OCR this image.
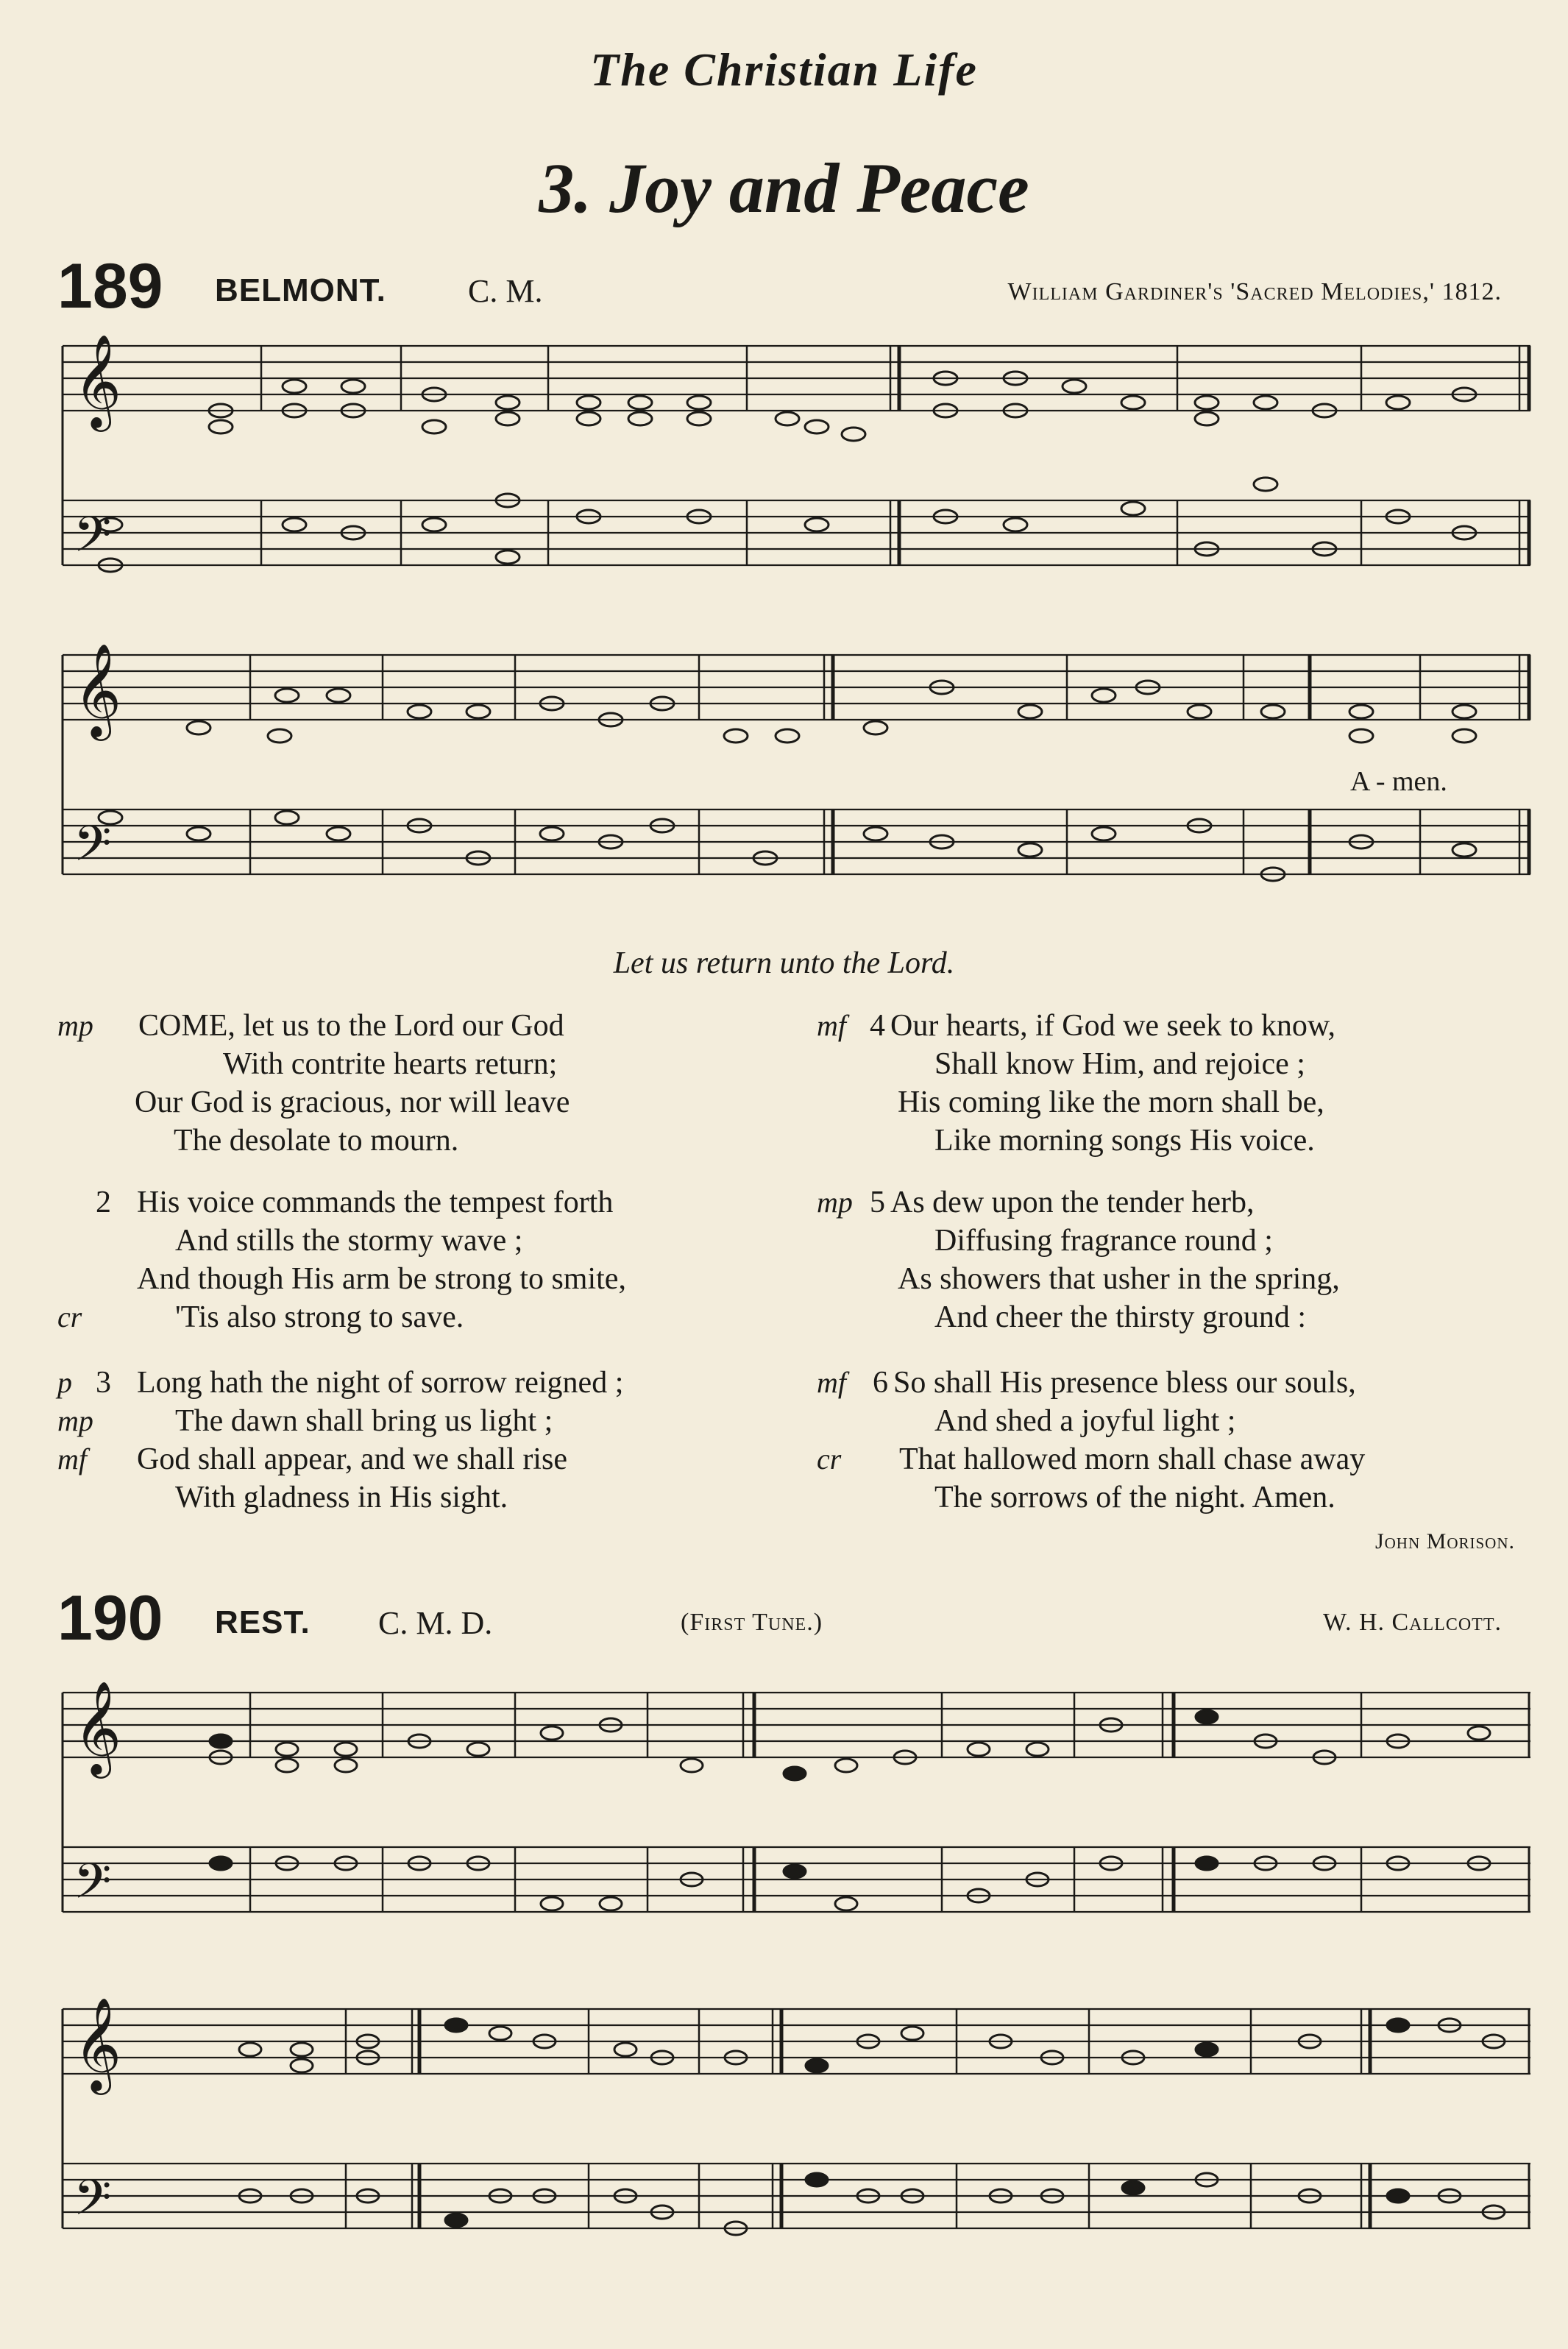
The Christian Life
3. Joy and Peace
189 BELMONT.	C. M.	William Gardiner's 'Sacred Melodies,' 1812.
𝄞
𝄢
𝄞
𝄢
A - men.
Let us return unto the Lord.
mp COME, let us to the Lord our God
With contrite hearts return;
Our God is gracious, nor will leave
The desolate to mourn.
2 His voice commands the tempest forth
And stills the stormy wave ;
And though His arm be strong to smite,
cr	'Tis also strong to save.
p 3 Long hath the night of sorrow reigned ;
mp	The dawn shall bring us light ;
mf God shall appear, and we shall rise
With gladness in His sight.
mf 4 Our hearts, if God we seek to know,
Shall know Him, and rejoice ;
His coming like the morn shall be,
Like morning songs His voice.
mp 5 As dew upon the tender herb,
Diffusing fragrance round ;
As showers that usher in the spring,
And cheer the thirsty ground :
mf 6 So shall His presence bless our souls,
And shed a joyful light ;
cr That hallowed morn shall chase away
The sorrows of the night. Amen.
John Morison.
190 REST. C. M. D.	(First Tune.)	W. H. Callcott.
𝄞
𝄢
𝄞
𝄢
